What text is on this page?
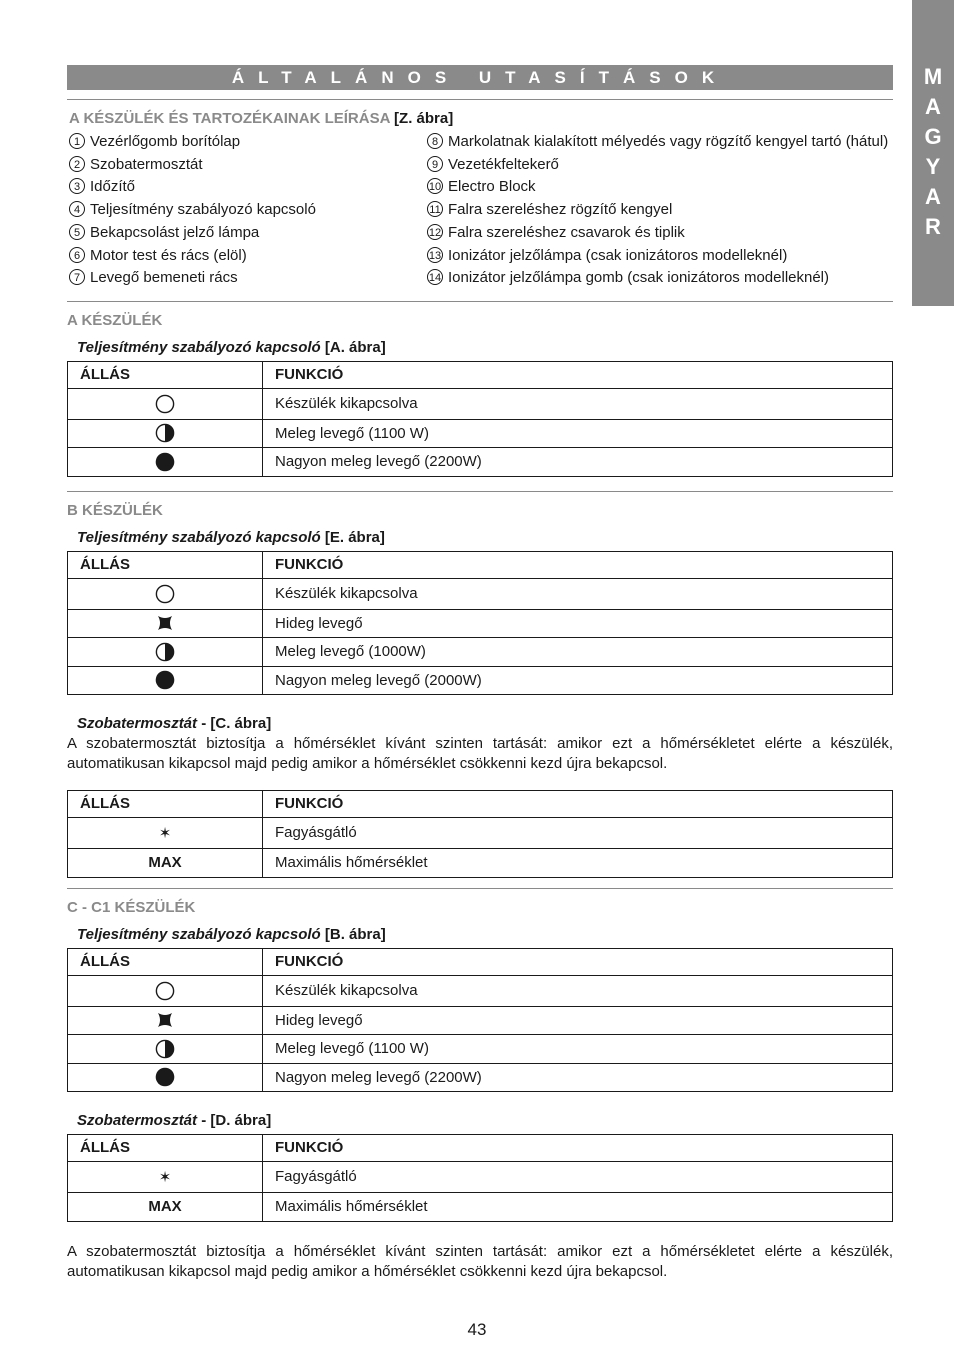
M
A
G
Y
A
R
ÁLTALÁNOS UTASÍTÁSOK
A KÉSZÜLÉK ÉS TARTOZÉKAINAK LEÍRÁSA [Z. ábra]
1 Vezérlőgomb borítólap
2 Szobatermosztát
3 Időzítő
4 Teljesítmény szabályozó kapcsoló
5 Bekapcsolást jelző lámpa
6 Motor test és rács (elöl)
7 Levegő bemeneti rács
8 Markolatnak kialakított mélyedés vagy rögzítő kengyel tartó (hátul)
9 Vezetékfeltekerő
10 Electro Block
11 Falra szereléshez rögzítő kengyel
12 Falra szereléshez csavarok és tiplik
13 Ionizátor jelzőlámpa (csak ionizátoros modelleknél)
14 Ionizátor jelzőlámpa gomb (csak ionizátoros modelleknél)
A KÉSZÜLÉK
Teljesítmény szabályozó kapcsoló [A. ábra]
ÁLLÁS	FUNKCIÓ
	Készülék kikapcsolva
	Meleg levegő (1100 W)
	Nagyon meleg levegő (2200W)
B KÉSZÜLÉK
Teljesítmény szabályozó kapcsoló [E. ábra]
ÁLLÁS	FUNKCIÓ
	Készülék kikapcsolva
	Hideg levegő
	Meleg levegő (1000W)
	Nagyon meleg levegő (2000W)
Szobatermosztát - [C. ábra]
A szobatermosztát biztosítja a hőmérséklet kívánt szinten tartását: amikor ezt a hőmérsékletet elérte a készülék, automatikusan kikapcsol majd pedig amikor a hőmérséklet csökkenni kezd újra bekapcsol.
ÁLLÁS	FUNKCIÓ
✶	Fagyásgátló
MAX	Maximális hőmérséklet
C - C1 KÉSZÜLÉK
Teljesítmény szabályozó kapcsoló [B. ábra]
ÁLLÁS	FUNKCIÓ
	Készülék kikapcsolva
	Hideg levegő
	Meleg levegő (1100 W)
	Nagyon meleg levegő (2200W)
Szobatermosztát - [D. ábra]
ÁLLÁS	FUNKCIÓ
✶	Fagyásgátló
MAX	Maximális hőmérséklet
A szobatermosztát biztosítja a hőmérséklet kívánt szinten tartását: amikor ezt a hőmérsékletet elérte a készülék, automatikusan kikapcsol majd pedig amikor a hőmérséklet csökkenni kezd újra bekapcsol.
43
